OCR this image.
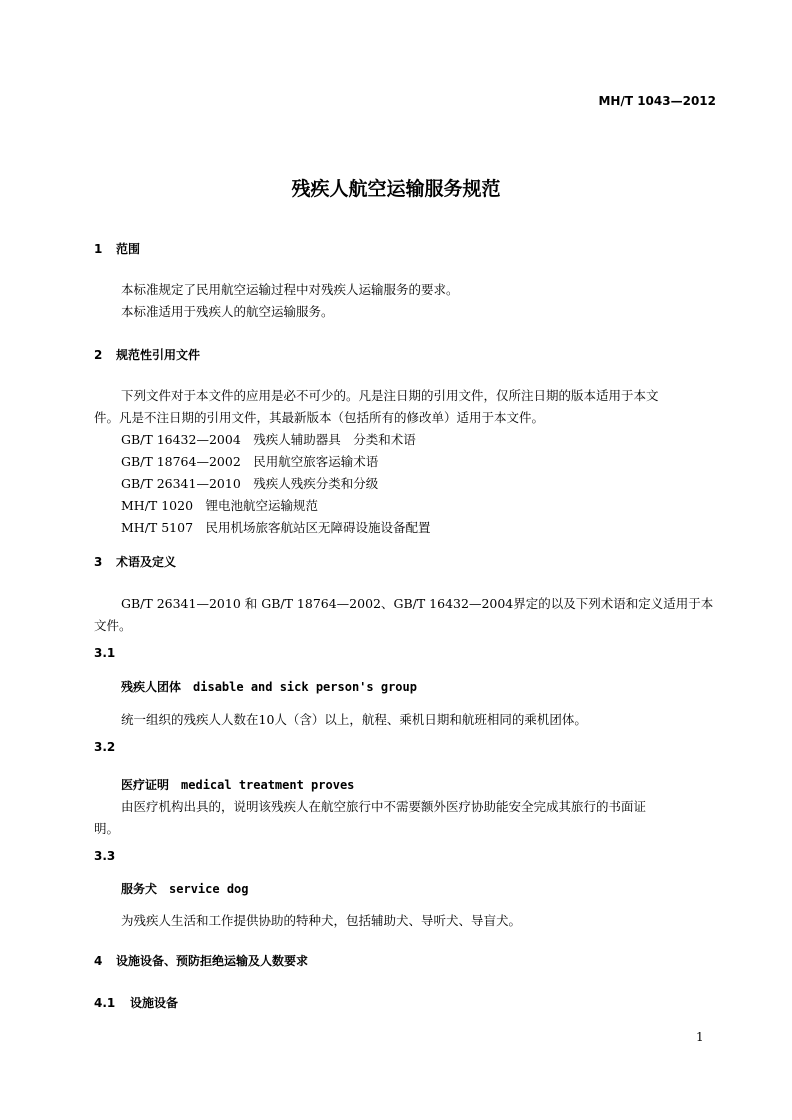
MH/T 1043—2012
残疾人航空运输服务规范
1 范围
本标准规定了民用航空运输过程中对残疾人运输服务的要求。
本标准适用于残疾人的航空运输服务。
2 规范性引用文件
下列文件对于本文件的应用是必不可少的。凡是注日期的引用文件，仅所注日期的版本适用于本文
件。凡是不注日期的引用文件，其最新版本（包括所有的修改单）适用于本文件。
GB/T 16432—2004　残疾人辅助器具　分类和术语
GB/T 18764—2002　民用航空旅客运输术语
GB/T 26341—2010　残疾人残疾分类和分级
MH/T 1020　锂电池航空运输规范
MH/T 5107　民用机场旅客航站区无障碍设施设备配置
3 术语及定义
GB/T 26341—2010 和 GB/T 18764—2002、GB/T 16432—2004界定的以及下列术语和定义适用于本
文件。
3.1
残疾人团体 disable and sick person's group
统一组织的残疾人人数在10人（含）以上，航程、乘机日期和航班相同的乘机团体。
3.2
医疗证明 medical treatment proves
由医疗机构出具的，说明该残疾人在航空旅行中不需要额外医疗协助能安全完成其旅行的书面证
明。
3.3
服务犬 service dog
为残疾人生活和工作提供协助的特种犬，包括辅助犬、导听犬、导盲犬。
4 设施设备、预防拒绝运输及人数要求
4.1 设施设备
1
